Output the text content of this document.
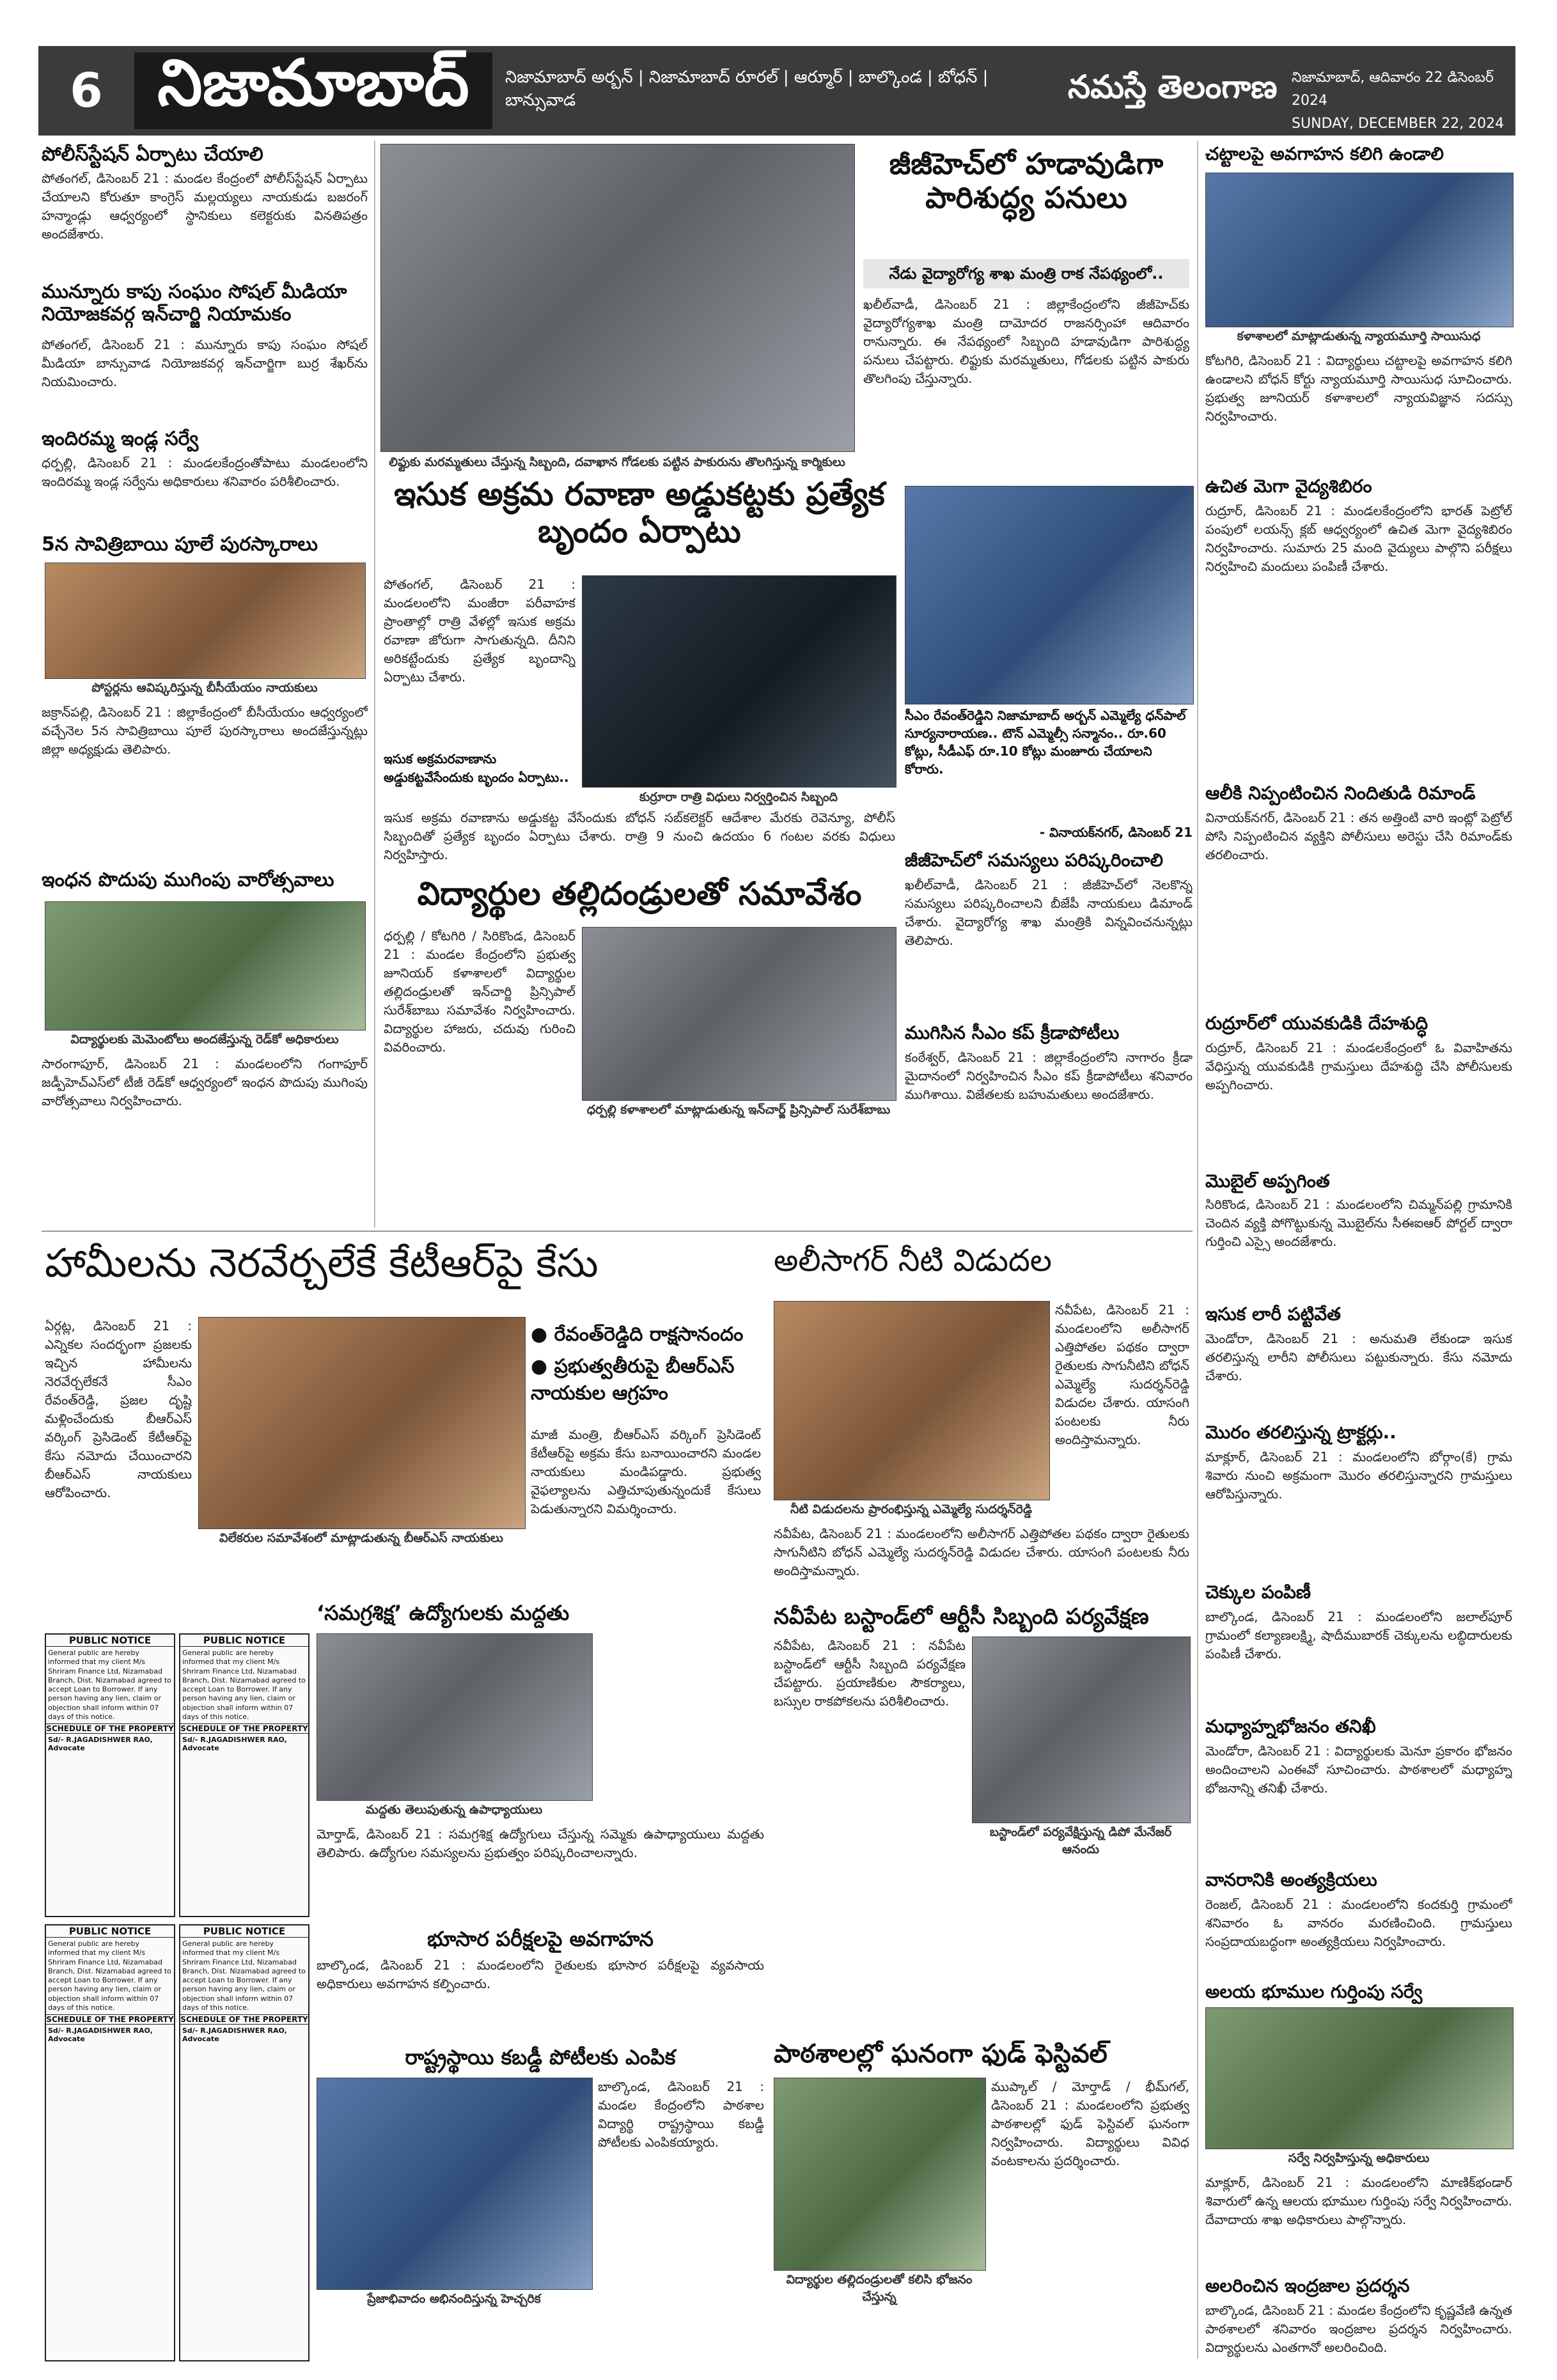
6 నిజామాబాద్	నిజామాబాద్ అర్బన్ | నిజామాబాద్ రూరల్ | ఆర్మూర్ | బాల్కొండ | బోధన్ | బాన్సువాడ	నమస్తే తెలంగాణ	నిజామాబాద్, ఆదివారం 22 డిసెంబర్ 2024
SUNDAY, DECEMBER 22, 2024
పోలీస్‌స్టేషన్ ఏర్పాటు చేయాలి
పోతంగల్, డిసెంబర్ 21 : మండల కేంద్రంలో పోలీస్‌స్టేషన్ ఏర్పాటు చేయాలని కోరుతూ కాంగ్రెస్ మల్లయ్యలు నాయకుడు బజరంగ్ హన్మాండ్లు ఆధ్వర్యంలో స్థానికులు కలెక్టరుకు వినతిపత్రం అందజేశారు.
మున్నూరు కాపు సంఘం సోషల్ మీడియా నియోజకవర్గ ఇన్‌చార్జి నియామకం
పోతంగల్, డిసెంబర్ 21 : మున్నూరు కాపు సంఘం సోషల్ మీడియా బాన్సువాడ నియోజకవర్గ ఇన్‌చార్జిగా బుర్ర శేఖర్‌ను నియమించారు.
ఇందిరమ్మ ఇండ్ల సర్వే
ధర్పల్లి, డిసెంబర్ 21 : మండలకేంద్రంతోపాటు మండలంలోని ఇందిరమ్మ ఇండ్ల సర్వేను అధికారులు శనివారం పరిశీలించారు.
5న సావిత్రిబాయి పూలే పురస్కారాలు
పోస్టర్లను ఆవిష్కరిస్తున్న బీసీయేయం నాయకులు
జక్రాన్‌పల్లి, డిసెంబర్ 21 : జిల్లాకేంద్రంలో బీసీయేయం ఆధ్వర్యంలో వచ్చేనెల 5న సావిత్రిబాయి పూలే పురస్కారాలు అందజేస్తున్నట్లు జిల్లా అధ్యక్షుడు తెలిపారు.
ఇంధన పొదుపు ముగింపు వారోత్సవాలు
విద్యార్థులకు మెమెంటోలు అందజేస్తున్న రెడ్‌కో అధికారులు
సారంగాపూర్, డిసెంబర్ 21 : మండలంలోని గంగాపూర్ జడ్పీహెచ్‌ఎస్‌లో టీజీ రెడ్‌కో ఆధ్వర్యంలో ఇంధన పొదుపు ముగింపు వారోత్సవాలు నిర్వహించారు.
లిఫ్టుకు మరమ్మతులు చేస్తున్న సిబ్బంది, దవాఖాన గోడలకు పట్టిన పాకురును తొలగిస్తున్న కార్మికులు
జీజీహెచ్‌లో హడావుడిగా పారిశుద్ధ్య పనులు
నేడు వైద్యారోగ్య శాఖ మంత్రి రాక నేపథ్యంలో..
ఖలీల్‌వాడీ, డిసెంబర్ 21 : జిల్లాకేంద్రంలోని జీజీహెచ్‌కు వైద్యారోగ్యశాఖ మంత్రి దామోదర రాజనర్సింహా ఆదివారం రానున్నారు. ఈ నేపథ్యంలో సిబ్బంది హడావుడిగా పారిశుద్ధ్య పనులు చేపట్టారు. లిఫ్టుకు మరమ్మతులు, గోడలకు పట్టిన పాకురు తొలగింపు చేస్తున్నారు.
ఇసుక అక్రమ రవాణా అడ్డుకట్టకు ప్రత్యేక బృందం ఏర్పాటు
పోతంగల్, డిసెంబర్ 21 : మండలంలోని మంజీరా పరీవాహక ప్రాంతాల్లో రాత్రి వేళల్లో ఇసుక అక్రమ రవాణా జోరుగా సాగుతున్నది. దీనిని అరికట్టేందుకు ప్రత్యేక బృందాన్ని ఏర్పాటు చేశారు.
కుర్రూరా రాత్రి విధులు నిర్వర్తించిన సిబ్బంది
ఇసుక అక్రమరవాణాను అడ్డుకట్టవేసేందుకు బృందం ఏర్పాటు..
ఇసుక అక్రమ రవాణాను అడ్డుకట్ట వేసేందుకు బోధన్ సబ్‌కలెక్టర్ ఆదేశాల మేరకు రెవెన్యూ, పోలీస్ సిబ్బందితో ప్రత్యేక బృందం ఏర్పాటు చేశారు. రాత్రి 9 నుంచి ఉదయం 6 గంటల వరకు విధులు నిర్వహిస్తారు.
సీఎం రేవంత్‌రెడ్డిని నిజామాబాద్ అర్బన్ ఎమ్మెల్యే ధన్‌పాల్ సూర్యనారాయణ.. టౌన్ ఎమ్మెల్సీ సన్మానం.. రూ.60 కోట్లు, సీడీఎఫ్ రూ.10 కోట్లు మంజూరు చేయాలని కోరారు.
- వినాయక్‌నగర్, డిసెంబర్ 21
విద్యార్థుల తల్లిదండ్రులతో సమావేశం
ధర్పల్లి / కోటగిరి / సిరికొండ, డిసెంబర్ 21 : మండల కేంద్రంలోని ప్రభుత్వ జూనియర్ కళాశాలలో విద్యార్థుల తల్లిదండ్రులతో ఇన్‌చార్జి ప్రిన్సిపాల్ సురేశ్‌బాబు సమావేశం నిర్వహించారు. విద్యార్థుల హాజరు, చదువు గురించి వివరించారు.
ధర్పల్లి కళాశాలలో మాట్లాడుతున్న ఇన్‌చార్జ్ ప్రిన్సిపాల్ సురేశ్‌బాబు
జీజీహెచ్‌లో సమస్యలు పరిష్కరించాలి
ఖలీల్‌వాడీ, డిసెంబర్ 21 : జీజీహెచ్‌లో నెలకొన్న సమస్యలు పరిష్కరించాలని బీజేపీ నాయకులు డిమాండ్ చేశారు. వైద్యారోగ్య శాఖ మంత్రికి విన్నవించనున్నట్లు తెలిపారు.
ముగిసిన సీఎం కప్ క్రీడాపోటీలు
కంఠేశ్వర్, డిసెంబర్ 21 : జిల్లాకేంద్రంలోని నాగారం క్రీడా మైదానంలో నిర్వహించిన సీఎం కప్ క్రీడాపోటీలు శనివారం ముగిశాయి. విజేతలకు బహుమతులు అందజేశారు.
చట్టాలపై అవగాహన కలిగి ఉండాలి
కళాశాలలో మాట్లాడుతున్న న్యాయమూర్తి సాయిసుధ
కోటగిరి, డిసెంబర్ 21 : విద్యార్థులు చట్టాలపై అవగాహన కలిగి ఉండాలని బోధన్ కోర్టు న్యాయమూర్తి సాయిసుధ సూచించారు. ప్రభుత్వ జూనియర్ కళాశాలలో న్యాయవిజ్ఞాన సదస్సు నిర్వహించారు.
ఉచిత మెగా వైద్యశిబిరం
రుద్రూర్, డిసెంబర్ 21 : మండలకేంద్రంలోని భారత్ పెట్రోల్ పంపులో లయన్స్ క్లబ్ ఆధ్వర్యంలో ఉచిత మెగా వైద్యశిబిరం నిర్వహించారు. సుమారు 25 మంది వైద్యులు పాల్గొని పరీక్షలు నిర్వహించి మందులు పంపిణీ చేశారు.
ఆలీకి నిప్పంటించిన నిందితుడి రిమాండ్
వినాయక్‌నగర్, డిసెంబర్ 21 : తన అత్తింటి వారి ఇంట్లో పెట్రోల్ పోసి నిప్పంటించిన వ్యక్తిని పోలీసులు అరెస్టు చేసి రిమాండ్‌కు తరలించారు.
రుద్రూర్‌లో యువకుడికి దేహశుద్ధి
రుద్రూర్, డిసెంబర్ 21 : మండలకేంద్రంలో ఓ వివాహితను వేధిస్తున్న యువకుడికి గ్రామస్తులు దేహశుద్ధి చేసి పోలీసులకు అప్పగించారు.
మొబైల్ అప్పగింత
సిరికొండ, డిసెంబర్ 21 : మండలంలోని చిమ్మన్‌పల్లి గ్రామానికి చెందిన వ్యక్తి పోగొట్టుకున్న మొబైల్‌ను సీఈఐఆర్ పోర్టల్ ద్వారా గుర్తించి ఎస్సై అందజేశారు.
ఇసుక లారీ పట్టివేత
మెండోరా, డిసెంబర్ 21 : అనుమతి లేకుండా ఇసుక తరలిస్తున్న లారీని పోలీసులు పట్టుకున్నారు. కేసు నమోదు చేశారు.
మొరం తరలిస్తున్న ట్రాక్టర్లు..
మాక్లూర్, డిసెంబర్ 21 : మండలంలోని బోర్గాం(కే) గ్రామ శివారు నుంచి అక్రమంగా మొరం తరలిస్తున్నారని గ్రామస్తులు ఆరోపిస్తున్నారు.
చెక్కుల పంపిణీ
బాల్కొండ, డిసెంబర్ 21 : మండలంలోని జలాల్‌పూర్ గ్రామంలో కల్యాణలక్ష్మి, షాదీముబారక్ చెక్కులను లబ్ధిదారులకు పంపిణీ చేశారు.
మధ్యాహ్నభోజనం తనిఖీ
మెండోరా, డిసెంబర్ 21 : విద్యార్థులకు మెనూ ప్రకారం భోజనం అందించాలని ఎంఈవో సూచించారు. పాఠశాలలో మధ్యాహ్న భోజనాన్ని తనిఖీ చేశారు.
వానరానికి అంత్యక్రియలు
రెంజల్, డిసెంబర్ 21 : మండలంలోని కందకుర్తి గ్రామంలో శనివారం ఓ వానరం మరణించింది. గ్రామస్తులు సంప్రదాయబద్ధంగా అంత్యక్రియలు నిర్వహించారు.
అలయ భూముల గుర్తింపు సర్వే
సర్వే నిర్వహిస్తున్న అధికారులు
మాక్లూర్, డిసెంబర్ 21 : మండలంలోని మాణిక్‌భండార్ శివారులో ఉన్న ఆలయ భూముల గుర్తింపు సర్వే నిర్వహించారు. దేవాదాయ శాఖ అధికారులు పాల్గొన్నారు.
అలరించిన ఇంద్రజాల ప్రదర్శన
బాల్కొండ, డిసెంబర్ 21 : మండల కేంద్రంలోని కృష్ణవేణి ఉన్నత పాఠశాలలో శనివారం ఇంద్రజాల ప్రదర్శన నిర్వహించారు. విద్యార్థులను ఎంతగానో అలరించింది.
హామీలను నెరవేర్చలేకే కేటీఆర్‌పై కేసు
ఏర్గట్ల, డిసెంబర్ 21 : ఎన్నికల సందర్భంగా ప్రజలకు ఇచ్చిన హామీలను నెరవేర్చలేకనే సీఎం రేవంత్‌రెడ్డి, ప్రజల దృష్టి మళ్లించేందుకు బీఆర్‌ఎస్ వర్కింగ్ ప్రెసిడెంట్ కేటీఆర్‌పై కేసు నమోదు చేయించారని బీఆర్‌ఎస్ నాయకులు ఆరోపించారు.
విలేకరుల సమావేశంలో మాట్లాడుతున్న బీఆర్‌ఎస్ నాయకులు
● రేవంత్‌రెడ్డిది రాక్షసానందం
● ప్రభుత్వతీరుపై బీఆర్‌ఎస్ నాయకుల ఆగ్రహం
మాజీ మంత్రి, బీఆర్‌ఎస్ వర్కింగ్ ప్రెసిడెంట్ కేటీఆర్‌పై అక్రమ కేసు బనాయించారని మండల నాయకులు మండిపడ్డారు. ప్రభుత్వ వైఫల్యాలను ఎత్తిచూపుతున్నందుకే కేసులు పెడుతున్నారని విమర్శించారు.
PUBLIC NOTICE
General public are hereby informed that my client M/s Shriram Finance Ltd, Nizamabad Branch, Dist. Nizamabad agreed to accept Loan to Borrower. If any person having any lien, claim or objection shall inform within 07 days of this notice.
SCHEDULE OF THE PROPERTY
Sd/- R.JAGADISHWER RAO, Advocate
PUBLIC NOTICE
General public are hereby informed that my client M/s Shriram Finance Ltd, Nizamabad Branch, Dist. Nizamabad agreed to accept Loan to Borrower. If any person having any lien, claim or objection shall inform within 07 days of this notice.
SCHEDULE OF THE PROPERTY
Sd/- R.JAGADISHWER RAO, Advocate
PUBLIC NOTICE
General public are hereby informed that my client M/s Shriram Finance Ltd, Nizamabad Branch, Dist. Nizamabad agreed to accept Loan to Borrower. If any person having any lien, claim or objection shall inform within 07 days of this notice.
SCHEDULE OF THE PROPERTY
Sd/- R.JAGADISHWER RAO, Advocate
PUBLIC NOTICE
General public are hereby informed that my client M/s Shriram Finance Ltd, Nizamabad Branch, Dist. Nizamabad agreed to accept Loan to Borrower. If any person having any lien, claim or objection shall inform within 07 days of this notice.
SCHEDULE OF THE PROPERTY
Sd/- R.JAGADISHWER RAO, Advocate
మద్దతు తెలుపుతున్న ఉపాధ్యాయులు
‘సమగ్రశిక్ష’ ఉద్యోగులకు మద్దతు
మోర్తాడ్, డిసెంబర్ 21 : సమగ్రశిక్ష ఉద్యోగులు చేస్తున్న సమ్మెకు ఉపాధ్యాయులు మద్దతు తెలిపారు. ఉద్యోగుల సమస్యలను ప్రభుత్వం పరిష్కరించాలన్నారు.
భూసార పరీక్షలపై అవగాహన
బాల్కొండ, డిసెంబర్ 21 : మండలంలోని రైతులకు భూసార పరీక్షలపై వ్యవసాయ అధికారులు అవగాహన కల్పించారు.
రాష్ట్రస్థాయి కబడ్డీ పోటీలకు ఎంపిక
ప్రేజాభివాదం అభినందిస్తున్న హెచ్చరిక
బాల్కొండ, డిసెంబర్ 21 : మండల కేంద్రంలోని పాఠశాల విద్యార్థి రాష్ట్రస్థాయి కబడ్డీ పోటీలకు ఎంపికయ్యారు.
అలీసాగర్ నీటి విడుదల
నీటి విడుదలను ప్రారంభిస్తున్న ఎమ్మెల్యే సుదర్శన్‌రెడ్డి
నవీపేట, డిసెంబర్ 21 : మండలంలోని అలీసాగర్ ఎత్తిపోతల పథకం ద్వారా రైతులకు సాగునీటిని బోధన్ ఎమ్మెల్యే సుదర్శన్‌రెడ్డి విడుదల చేశారు. యాసంగి పంటలకు నీరు అందిస్తామన్నారు.
నవీపేట, డిసెంబర్ 21 : మండలంలోని అలీసాగర్ ఎత్తిపోతల పథకం ద్వారా రైతులకు సాగునీటిని బోధన్ ఎమ్మెల్యే సుదర్శన్‌రెడ్డి విడుదల చేశారు. యాసంగి పంటలకు నీరు అందిస్తామన్నారు.
నవీపేట బస్టాండ్‌లో ఆర్టీసీ సిబ్బంది పర్యవేక్షణ
నవీపేట, డిసెంబర్ 21 : నవీపేట బస్టాండ్‌లో ఆర్టీసీ సిబ్బంది పర్యవేక్షణ చేపట్టారు. ప్రయాణికుల సౌకర్యాలు, బస్సుల రాకపోకలను పరిశీలించారు.
బస్టాండ్‌లో పర్యవేక్షిస్తున్న డిపో మేనేజర్ ఆనందు
పాఠశాలల్లో ఘనంగా ఫుడ్ ఫెస్టివల్
విద్యార్థుల తల్లిదండ్రులతో కలిసి భోజనం చేస్తున్న
ముప్కాల్ / మోర్తాడ్ / భీమ్‌గల్, డిసెంబర్ 21 : మండలంలోని ప్రభుత్వ పాఠశాలల్లో ఫుడ్ ఫెస్టివల్ ఘనంగా నిర్వహించారు. విద్యార్థులు వివిధ వంటకాలను ప్రదర్శించారు.
